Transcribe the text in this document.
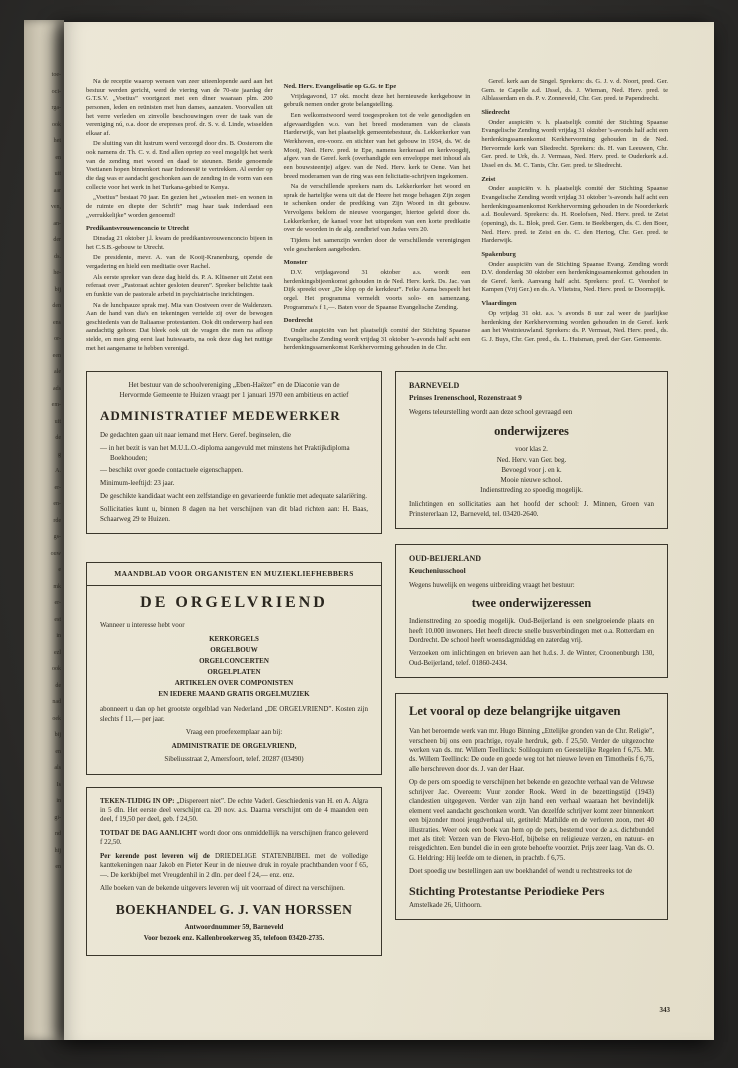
toe-
oci-
rga-
ook
het
en
uit
aar
ven,
an-
der
ds.
he-
bij
den
ens
or-
een
ale
ads
em-
uit
de
g
A.
er-
en-
rde
gs-
ouw
e
mk
er-
est
in
ezl
ook
de
nad
oek
bij
en
als
Is
in
gi-
nd
hij
en
Na de receptie waarop wensen van zeer uiteenlopende aard aan het bestuur werden gericht, werd de viering van de 70-ste jaardag der G.T.S.V. „Voetius” voortgezet met een diner waaraan plm. 200 personen, leden en reünisten met hun dames, aanzaten. Voorvallen uit het verre verleden en zinvolle beschouwingen over de taak van de vereniging nú, o.a. door de erepreses prof. dr. S. v. d. Linde, wisselden elkaar af.
De sluiting van dit lustrum werd verzorgd door drs. B. Oosterom die ook namens dr. Th. C. v. d. End allen opriep zo veel mogelijk het werk van de zending met woord en daad te steunen. Beide genoemde Voetianen hopen binnenkort naar Indonesië te vertrekken. Al eerder op die dag was er aandacht geschonken aan de zending in de vorm van een collecte voor het werk in het Turkana-gebied te Kenya.
„Voetius” bestaat 70 jaar. En gezien het „wisselen met- en wonen in de ruimte en diepte der Schrift” mag haar taak inderdaad een „verrukkelijke” worden genoemd!
Predikantsvrouwenconcio te Utrecht
Dinsdag 21 oktober j.l. kwam de predikantsvrouwenconcio bijeen in het C.S.B.-gebouw te Utrecht.
De presidente, mevr. A. van de Kooij-Kranenburg, opende de vergadering en hield een meditatie over Rachel.
Als eerste spreker van deze dag hield ds. P. A. Klüsener uit Zeist een referaat over „Pastoraat achter gesloten deuren”. Spreker belichtte taak en funktie van de pastorale arbeid in psychiatrische inrichtingen.
Na de lunchpauze sprak mej. Mia van Oostveen over de Waldenzen. Aan de hand van dia's en tekeningen vertelde zij over de bewogen geschiedenis van de Italiaanse protestanten. Ook dit onderwerp had een aandachtig gehoor. Dat bleek ook uit de vragen die men na afloop stelde, en men ging eerst laat huiswaarts, na ook deze dag het nuttige met het aangename te hebben verenigd.
Ned. Herv. Evangelisatie op G.G. te Epe
Vrijdagavond, 17 okt. mocht deze het hernieuwde kerkgebouw in gebruik nemen onder grote belangstelling.
Een welkomstwoord werd toegesproken tot de vele genodigden en afgevaardigden w.o. van het breed moderamen van de classis Harderwijk, van het plaatselijk gemeentebestuur, ds. Lekkerkerker van Werkhoven, ere-voorz. en stichter van het gebouw in 1934, ds. W. de Mooij, Ned. Herv. pred. te Epe, namens kerkeraad en kerkvoogdij, afgev. van de Geref. kerk (overhandigde een enveloppe met inhoud als een bouwsteentje) afgev. van de Ned. Herv. kerk te Oene. Van het breed moderamen van de ring was een felicitatie-schrijven ingekomen.
Na de verschillende sprekers nam ds. Lekkerkerker het woord en sprak de hartelijke wens uit dat de Heere het moge behagen Zijn zegen te schenken onder de prediking van Zijn Woord in dit gebouw. Vervolgens beklom de nieuwe voorganger, hiertoe geleid door ds. Lekkerkerker, de kansel voor het uitspreken van een korte predikatie over de woorden in de alg. zendbrief van Judas vers 20.
Tijdens het samenzijn werden door de verschillende verenigingen vele geschenken aangeboden.
Monster
D.V. vrijdagavond 31 oktober a.s. wordt een herdenkingsbijeenkomst gehouden in de Ned. Herv. kerk. Ds. Jac. van Dijk spreekt over „De klop op de kerkdeur”. Feike Asma bespeelt het orgel. Het programma vermeldt voorts solo- en samenzang. Programma's f 1,—. Baten voor de Spaanse Evangelische Zending.
Dordrecht
Onder auspiciën van het plaatselijk comité der Stichting Spaanse Evangelische Zending wordt vrijdag 31 oktober 's-avonds half acht een herdenkingssamenkomst Kerkhervorming gehouden in de Chr.
Geref. kerk aan de Singel. Sprekers: ds. G. J. v. d. Noort, pred. Ger. Gem. te Capelle a.d. IJssel, ds. J. Wieman, Ned. Herv. pred. te Alblasserdam en ds. P. v. Zonneveld, Chr. Ger. pred. te Papendrecht.
Sliedrecht
Onder auspiciën v. h. plaatselijk comité der Stichting Spaanse Evangelische Zending wordt vrijdag 31 oktober 's-avonds half acht een herdenkingssamenkomst Kerkhervorming gehouden in de Ned. Hervormde kerk van Sliedrecht. Sprekers: ds. H. van Leeuwen, Chr. Ger. pred. te Urk, ds. J. Vermaas, Ned. Herv. pred. te Ouderkerk a.d. IJssel en ds. M. C. Tanis, Chr. Ger. pred. te Sliedrecht.
Zeist
Onder auspiciën v. h. plaatselijk comité der Stichting Spaanse Evangelische Zending wordt vrijdag 31 oktober 's-avonds half acht een herdenkingssamenkomst Kerkhervorming gehouden in de Noorderkerk a.d. Boulevard. Sprekers: ds. H. Roelofsen, Ned. Herv. pred. te Zeist (opening), ds. L. Blok, pred. Ger. Gem. te Beekbergen, ds. C. den Boer, Ned. Herv. pred. te Zeist en ds. C. den Hertog, Chr. Ger. pred. te Harderwijk.
Spakenburg
Onder auspiciën van de Stichting Spaanse Evang. Zending wordt D.V. donderdag 30 oktober een herdenkingssamenkomst gehouden in de Geref. kerk. Aanvang half acht. Sprekers: prof. C. Veenhof te Kampen (Vrij Ger.) en ds. A. Vlietstra, Ned. Herv. pred. te Doornspijk.
Vlaardingen
Op vrijdag 31 okt. a.s. 's avonds 8 uur zal weer de jaarlijkse herdenking der Kerkhervorming worden gehouden in de Geref. kerk aan het Westnieuwland. Sprekers: ds. P. Vermaat, Ned. Herv. pred., ds. G. J. Buys, Chr. Ger. pred., ds. L. Huisman, pred. der Ger. Gemeente.

Het bestuur van de schoolvereniging „Eben-Haëzer” en de Diaconie van de Hervormde Gemeente te Huizen vraagt per 1 januari 1970 een ambitieus en actief

ADMINISTRATIEF MEDEWERKER

De gedachten gaan uit naar iemand met Herv. Geref. beginselen, die

— in het bezit is van het M.U.L.O.-diploma aangevuld met minstens het Praktijkdiploma Boekhouden;

— beschikt over goede contactuele eigenschappen.

Minimum-leeftijd: 23 jaar.

De geschikte kandidaat wacht een zelfstandige en gevarieerde funktie met adequate salariëring.

Sollicitaties kunt u, binnen 8 dagen na het verschijnen van dit blad richten aan: H. Baas, Schaarweg 29 te Huizen.

MAANDBLAD VOOR ORGANISTEN EN MUZIEKLIEFHEBBERS
DE ORGELVRIEND

Wanneer u interesse hebt voor

KERKORGELS
ORGELBOUW
ORGELCONCERTEN
ORGELPLATEN
ARTIKELEN OVER COMPONISTEN
EN IEDERE MAAND GRATIS ORGELMUZIEK

abonneert u dan op het grootste orgelblad van Nederland „DE ORGELVRIEND”. Kosten zijn slechts f 11,— per jaar.

Vraag een proefexemplaar aan bij:

ADMINISTRATIE DE ORGELVRIEND,

Sibeliusstraat 2, Amersfoort, telef. 20287 (03490)

TEKEN-TIJDIG IN OP: „Dispereert niet”. De echte Vaderl. Geschiedenis van H. en A. Algra in 5 dln. Het eerste deel verschijnt ca. 20 nov. a.s. Daarna verschijnt om de 4 maanden een deel, f 19,50 per deel, geb. f 24,50.

TOTDAT DE DAG AANLICHT wordt door ons onmiddellijk na verschijnen franco geleverd f 22,50.

Per kerende post leveren wij de DRIEDELIGE STATENBIJBEL met de volledige kanttekeningen naar Jakob en Pieter Keur in de nieuwe druk in royale prachtbanden voor f 65,—. De kerkbijbel met Vreugdenhil in 2 dln. per deel f 24,— enz. enz.

Alle boeken van de bekende uitgevers leveren wij uit voorraad of direct na verschijnen.

BOEKHANDEL G. J. VAN HORSSEN

Antwoordnummer 59, Barneveld

Voor bezoek enz. Kallenbroekerweg 35, telefoon 03420-2735.

BARNEVELD

Prinses Irenenschool, Rozenstraat 9

Wegens teleurstelling wordt aan deze school gevraagd een

onderwijzeres
voor klas 2.
Ned. Herv. van Ger. beg.
Bevoegd voor j. en k.
Mooie nieuwe school.
Indiensttreding zo spoedig mogelijk.

Inlichtingen en sollicitaties aan het hoofd der school: J. Minnen, Groen van Prinstererlaan 12, Barneveld, tel. 03420-2640.

OUD-BEIJERLAND

Keucheniusschool

Wegens huwelijk en wegens uitbreiding vraagt het bestuur:

twee onderwijzeressen

Indiensttreding zo spoedig mogelijk. Oud-Beijerland is een snelgroeiende plaats en heeft 10.000 inwoners. Het heeft directe snelle busverbindingen met o.a. Rotterdam en Dordrecht. De school heeft woensdagmiddag en zaterdag vrij.

Verzoeken om inlichtingen en brieven aan het h.d.s. J. de Winter, Croonenburgh 130, Oud-Beijerland, telef. 01860-2434.

Let vooral op deze belangrijke uitgaven

Van het beroemde werk van mr. Hugo Binning „Ettelijke gronden van de Chr. Religie”, verscheen bij ons een prachtige, royale herdruk, geb. f 25,50. Verder de uitgezochte werken van ds. mr. Willem Teellinck: Soliloquium en Geestelijke Regelen f 6,75. Mr. ds. Willem Teellinck: De oude en goede weg tot het nieuwe leven en Timotheüs f 6,75, alle herschreven door ds. J. van der Haar.

Op de pers om spoedig te verschijnen het bekende en gezochte verhaal van de Veluwse schrijver Jac. Overeem: Vuur zonder Rook. Werd in de bezettingstijd (1943) clandestien uitgegeven. Verder van zijn hand een verhaal waaraan het bevindelijk element veel aandacht geschonken wordt. Van dezelfde schrijver komt zeer binnenkort een bijzonder mooi jeugdverhaal uit, getiteld: Mathilde en de verloren zoon, met 40 illustraties. Weer ook een boek van hem op de pers, bestemd voor de a.s. dichtbundel met als titel: Verzen van de Flevo-Hof, bijbelse en religieuze verzen, en natuur- en reisgedichten. Een bundel die in een grote behoefte voorziet. Prijs zeer laag. Van ds. O. G. Heldring: Hij leefde om te dienen, in prachtb. f 6,75.

Doet spoedig uw bestellingen aan uw boekhandel of wendt u rechtstreeks tot de

Stichting Protestantse Periodieke Pers

Amstelkade 26, Uithoorn.

343
